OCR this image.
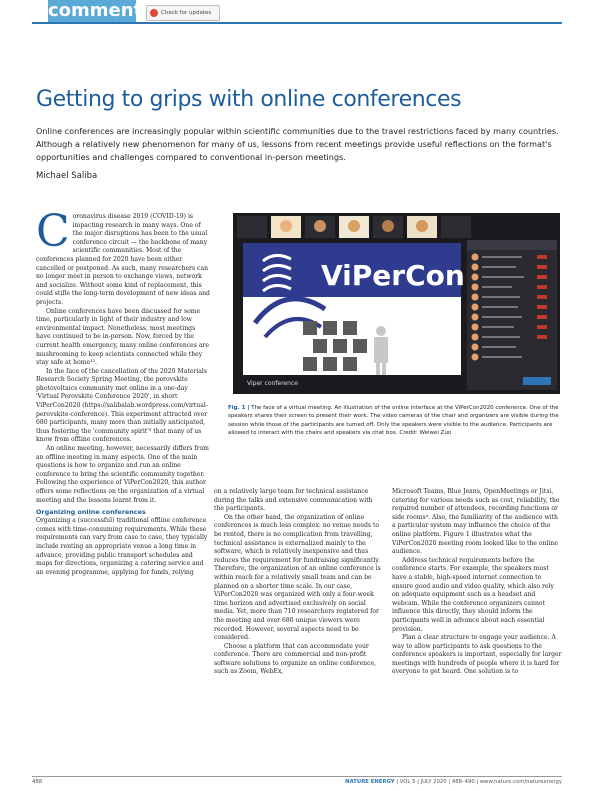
comment	Check for updates
Getting to grips with online conferences
Online conferences are increasingly popular within scientific communities due to the travel restrictions faced by many countries. Although a relatively new phenomenon for many of us, lessons from recent meetings provide useful reflections on the format's opportunities and challenges compared to conventional in-person meetings.
Michael Saliba

Coronavirus disease 2019 (COVID-19) is impacting research in many ways. One of the major disruptions has been to the usual conference circuit — the backbone of many scientific communities. Most of the conferences planned for 2020 have been either cancelled or postponed. As such, many researchers can no longer meet in person to exchange views, network and socialize. Without some kind of replacement, this could stifle the long-term development of new ideas and projects.

Online conferences have been discussed for some time, particularly in light of their industry and low environmental impact. Nonetheless, most meetings have continued to be in-person. Now, forced by the current health emergency, many online conferences are mushrooming to keep scientists connected while they stay safe at home¹².

In the face of the cancellation of the 2020 Materials Research Society Spring Meeting, the perovskite photovoltaics community met online in a one-day 'Virtual Perovskite Conference 2020', in short ViPerCon2020 (https://salibalab.wordpress.com/virtual-perovskite-conference). This experiment attracted over 680 participants, many more than initially anticipated, thus fostering the 'community spirit'³ that many of us know from offline conferences.

An online meeting, however, necessarily differs from an offline meeting in many aspects. One of the main questions is how to organize and run an online conference to bring the scientific community together. Following the experience of ViPerCon2020, this author offers some reflections on the organization of a virtual meeting and the lessons learnt from it.

Organizing online conferences

Organizing a (successful) traditional offline conference comes with time-consuming requirements. While these requirements can vary from case to case, they typically include renting an appropriate venue a long time in advance, providing public transport schedules and maps for directions, organizing a catering service and an evening programme, applying for funds, relying

ViPerCon
Viper conference
Fig. 1 | The face of a virtual meeting. An illustration of the online interface at the ViPerCon2020 conference. One of the speakers shares their screen to present their work. The video cameras of the chair and organizers are visible during the session while those of the participants are turned off. Only the speakers were visible to the audience. Participants are allowed to interact with the chairs and speakers via chat box. Credit: Weiwei Zuo

on a relatively large team for technical assistance during the talks and extensive communication with the participants.

On the other hand, the organization of online conferences is much less complex: no venue needs to be rented, there is no complication from travelling, technical assistance is externalized mainly to the software, which is relatively inexpensive and thus reduces the requirement for fundraising significantly. Therefore, the organization of an online conference is within reach for a relatively small team and can be planned on a shorter time scale. In our case, ViPerCon2020 was organized with only a four-week time horizon and advertised exclusively on social media. Yet, more than 710 researchers registered for the meeting and over 680 unique viewers were recorded. However, several aspects need to be considered.

Choose a platform that can accommodate your conference. There are commercial and non-profit software solutions to organize an online conference, such as Zoom, WebEx,

Microsoft Teams, Blue Jeans, OpenMeetings or Jitsi, catering for various needs such as cost, reliability, the required number of attendees, recording functions or side rooms⁴. Also, the familiarity of the audience with a particular system may influence the choice of the online platform. Figure 1 illustrates what the ViPerCon2020 meeting room looked like to the online audience.

Address technical requirements before the conference starts. For example, the speakers must have a stable, high-speed internet connection to ensure good audio and video quality, which also rely on adequate equipment such as a headset and webcam. While the conference organizers cannot influence this directly, they should inform the participants well in advance about each essential provision.

Plan a clear structure to engage your audience. A way to allow participants to ask questions to the conference speakers is important, especially for larger meetings with hundreds of people where it is hard for everyone to get heard. One solution is to

488	NATURE ENERGY | VOL 5 | JULY 2020 | 488–490 | www.nature.com/natureenergy
